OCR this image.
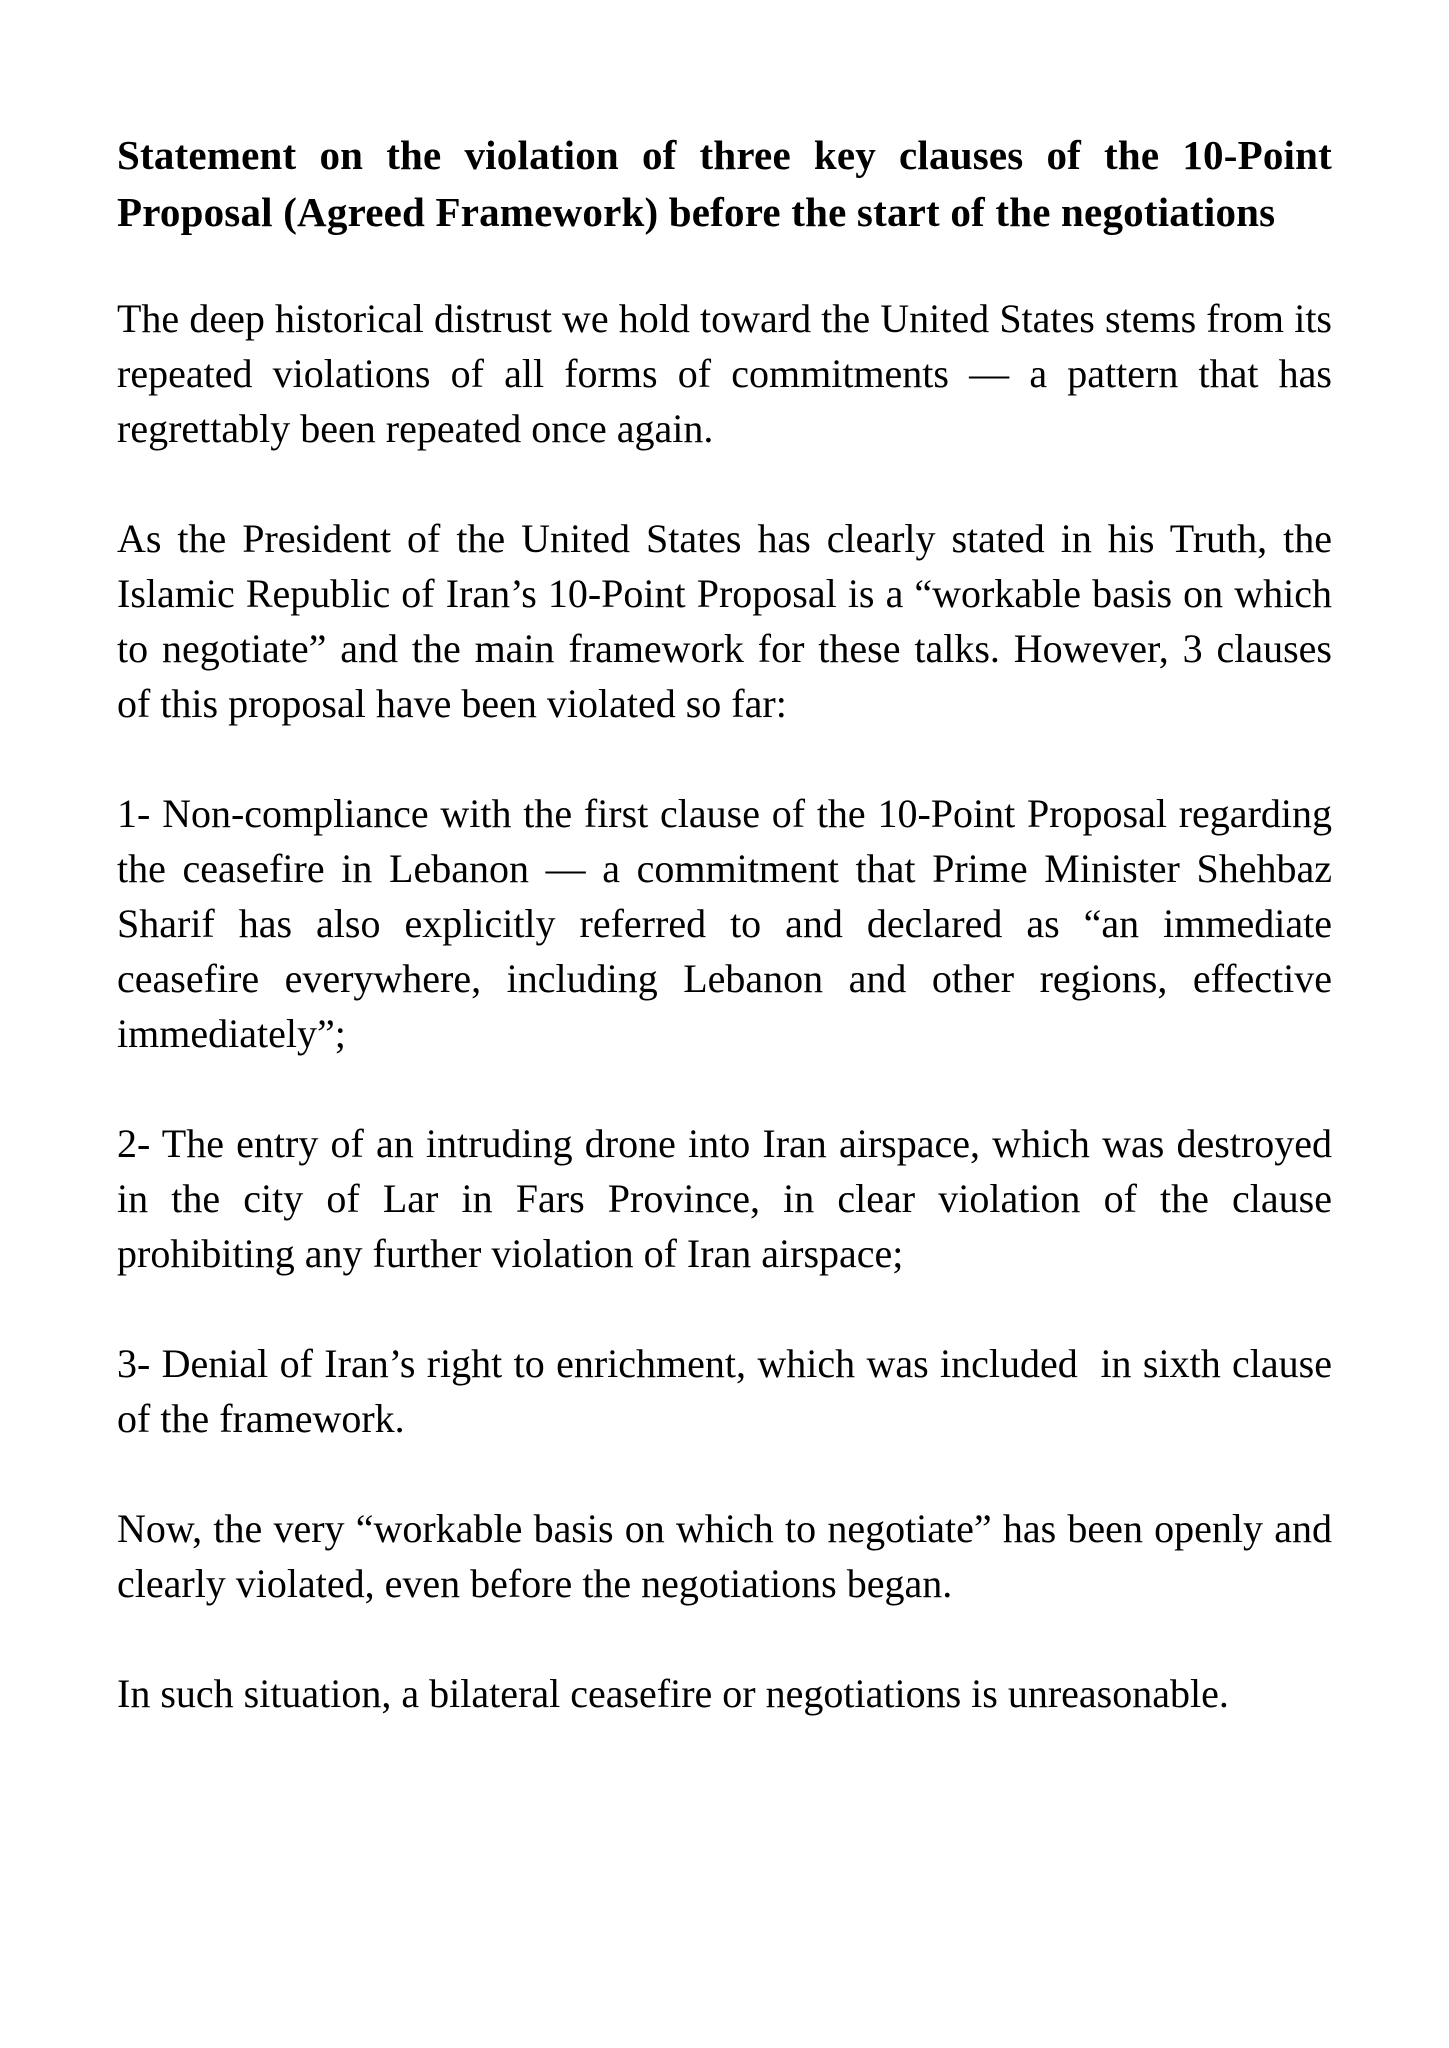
Statement on the violation of three key clauses of the 10-Point Proposal (Agreed Framework) before the start of the negotiations

The deep historical distrust we hold toward the United States stems from its repeated violations of all forms of commitments — a pattern that has regrettably been repeated once again.

As the President of the United States has clearly stated in his Truth, the Islamic Republic of Iran’s 10-Point Proposal is a “workable basis on which to negotiate” and the main framework for these talks. However, 3 clauses of this proposal have been violated so far:

1- Non-compliance with the first clause of the 10-Point Proposal regarding the ceasefire in Lebanon — a commitment that Prime Minister Shehbaz Sharif has also explicitly referred to and declared as “an immediate ceasefire everywhere, including Lebanon and other regions, effective immediately”;

2- The entry of an intruding drone into Iran airspace, which was destroyed in the city of Lar in Fars Province, in clear violation of the clause prohibiting any further violation of Iran airspace;

3- Denial of Iran’s right to enrichment, which was included  in sixth clause of the framework.

Now, the very “workable basis on which to negotiate” has been openly and clearly violated, even before the negotiations began.

In such situation, a bilateral ceasefire or negotiations is unreasonable.
